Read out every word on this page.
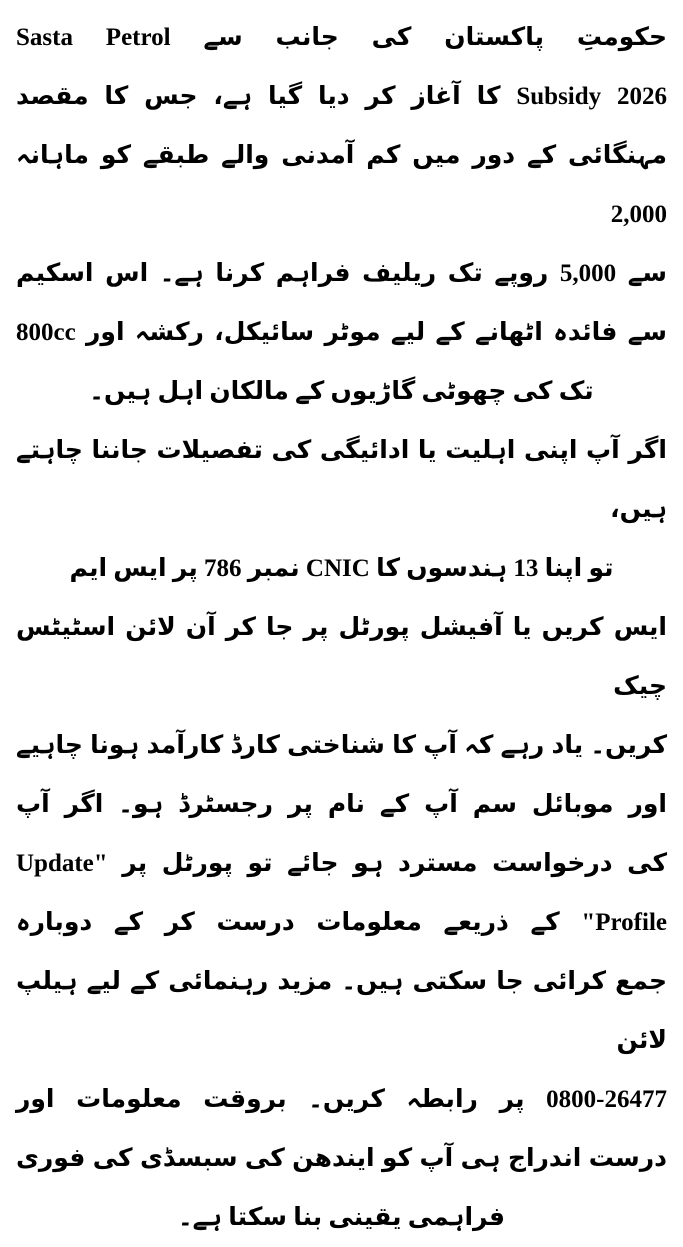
حکومتِ پاکستان کی جانب سے Sasta Petrol
Subsidy 2026 کا آغاز کر دیا گیا ہے، جس کا مقصد
مہنگائی کے دور میں کم آمدنی والے طبقے کو ماہانہ 2,000
سے 5,000 روپے تک ریلیف فراہم کرنا ہے۔ اس اسکیم
سے فائدہ اٹھانے کے لیے موٹر سائیکل، رکشہ اور 800cc
تک کی چھوٹی گاڑیوں کے مالکان اہل ہیں۔
اگر آپ اپنی اہلیت یا ادائیگی کی تفصیلات جاننا چاہتے ہیں،
تو اپنا 13 ہندسوں کا CNIC نمبر 786 پر ایس ایم
ایس کریں یا آفیشل پورٹل پر جا کر آن لائن اسٹیٹس چیک
کریں۔ یاد رہے کہ آپ کا شناختی کارڈ کارآمد ہونا چاہیے
اور موبائل سم آپ کے نام پر رجسٹرڈ ہو۔ اگر آپ
کی درخواست مسترد ہو جائے تو پورٹل پر "Update
Profile" کے ذریعے معلومات درست کر کے دوبارہ
جمع کرائی جا سکتی ہیں۔ مزید رہنمائی کے لیے ہیلپ لائن
0800-26477 پر رابطہ کریں۔ بروقت معلومات اور
درست اندراج ہی آپ کو ایندھن کی سبسڈی کی فوری
فراہمی یقینی بنا سکتا ہے۔
